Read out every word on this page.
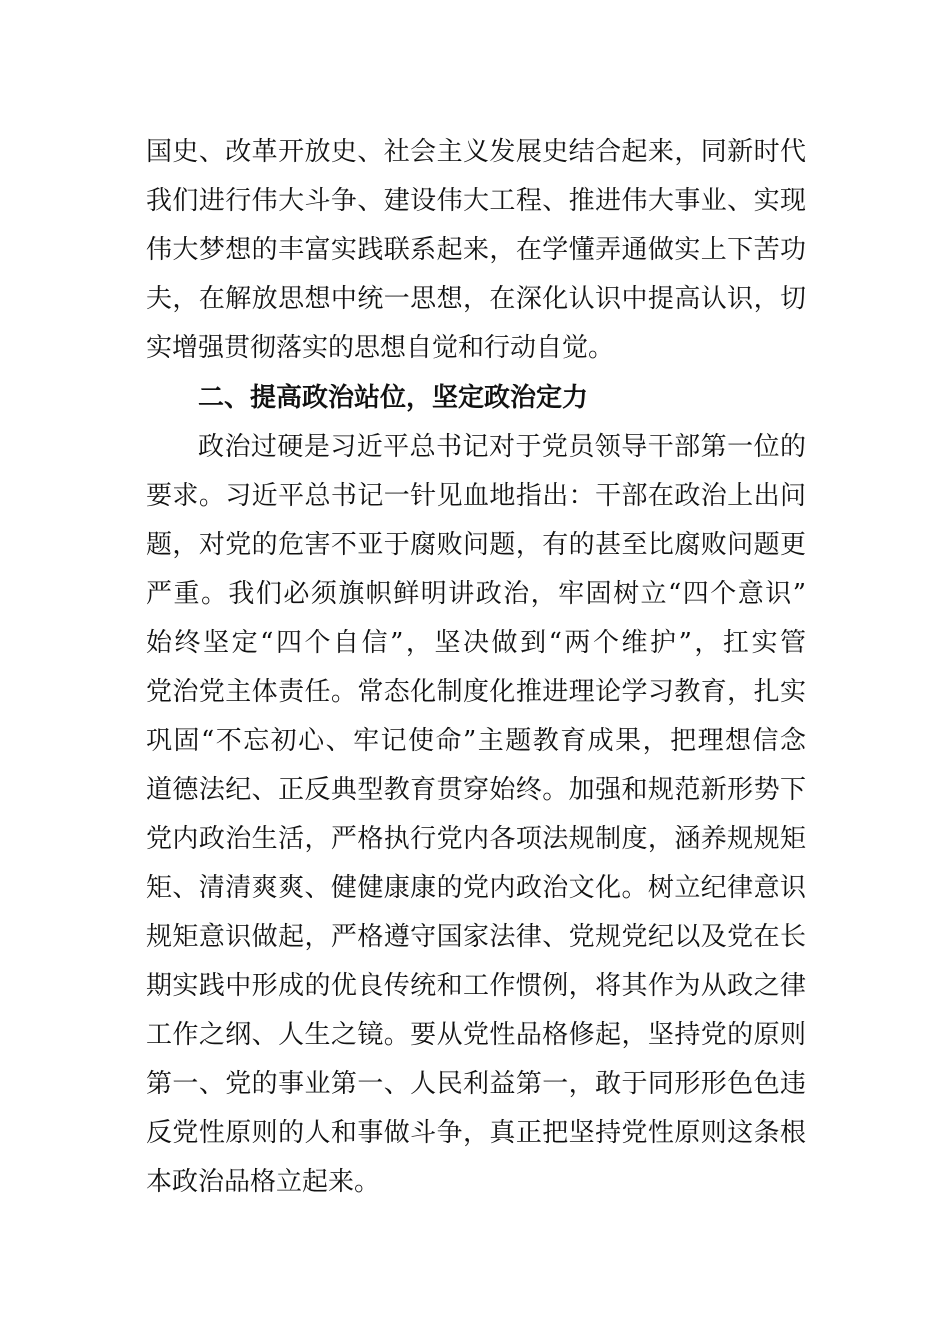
国史、改革开放史、社会主义发展史结合起来，同新时代
我们进行伟大斗争、建设伟大工程、推进伟大事业、实现
伟大梦想的丰富实践联系起来，在学懂弄通做实上下苦功
夫，在解放思想中统一思想，在深化认识中提高认识，切
实增强贯彻落实的思想自觉和行动自觉。
二、提高政治站位，坚定政治定力
政治过硬是习近平总书记对于党员领导干部第一位的
要求。习近平总书记一针见血地指出：干部在政治上出问
题，对党的危害不亚于腐败问题，有的甚至比腐败问题更
严重。我们必须旗帜鲜明讲政治，牢固树立“四个意识”
始终坚定“四个自信”，坚决做到“两个维护”，扛实管
党治党主体责任。常态化制度化推进理论学习教育，扎实
巩固“不忘初心、牢记使命”主题教育成果，把理想信念
道德法纪、正反典型教育贯穿始终。加强和规范新形势下
党内政治生活，严格执行党内各项法规制度，涵养规规矩
矩、清清爽爽、健健康康的党内政治文化。树立纪律意识
规矩意识做起，严格遵守国家法律、党规党纪以及党在长
期实践中形成的优良传统和工作惯例，将其作为从政之律
工作之纲、人生之镜。要从党性品格修起，坚持党的原则
第一、党的事业第一、人民利益第一，敢于同形形色色违
反党性原则的人和事做斗争，真正把坚持党性原则这条根
本政治品格立起来。
